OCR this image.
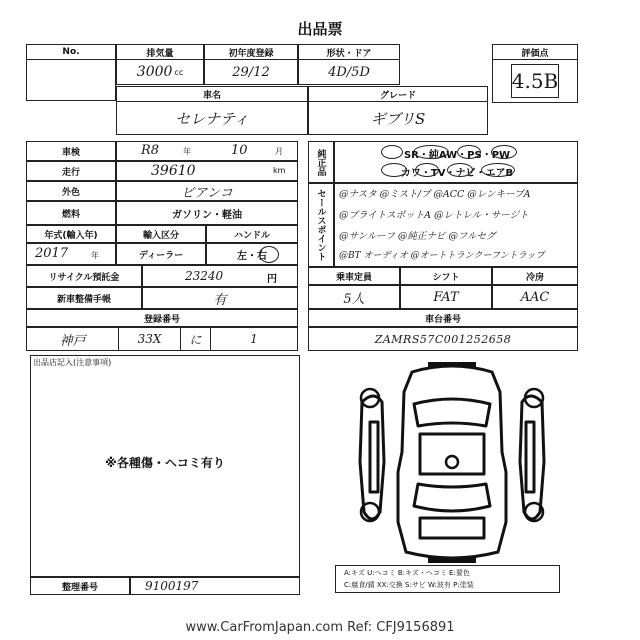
出品票
No.	排気量
3000 cc
初年度登録
29/12
形状・ドア
4D/5D
評価点
4.5B
車名
セレナティ
グレード
ギブリS
車検	R8	年	10	月
走行	39610	km
外色	ビアンコ
燃料	ガソリン・軽油
年式(輸入年)	輸入区分	ハンドル
2017	年	ディーラー	左・右
リサイクル預託金	23240	円
新車整備手帳	有
登録番号
神戸	33X	に	1
純正品	SR・純AW・PS・PW
カワ・TV・ナビ・エアB
セールスポイント	@ナスタ @ミスト/ブ @ACC @レンキープA
@ブライトスポットA @レトレル・サージト
@サンルーフ @純正ナビ @フルセグ
@BT オーディオ @オートトランクーフントラップ
乗車定員	シフト	冷房
5人	FAT	AAC
車台番号
ZAMRS57C001252658
出品店記入(注意事項)
※各種傷・ヘコミ有り
整理番号	9100197
A:キズ U:へコミ B:キズ・へコミ E:要色
C:腐食/錆 XX:交換 S:サビ W:波有 P:塗装
www.CarFromJapan.com Ref: CFJ9156891
